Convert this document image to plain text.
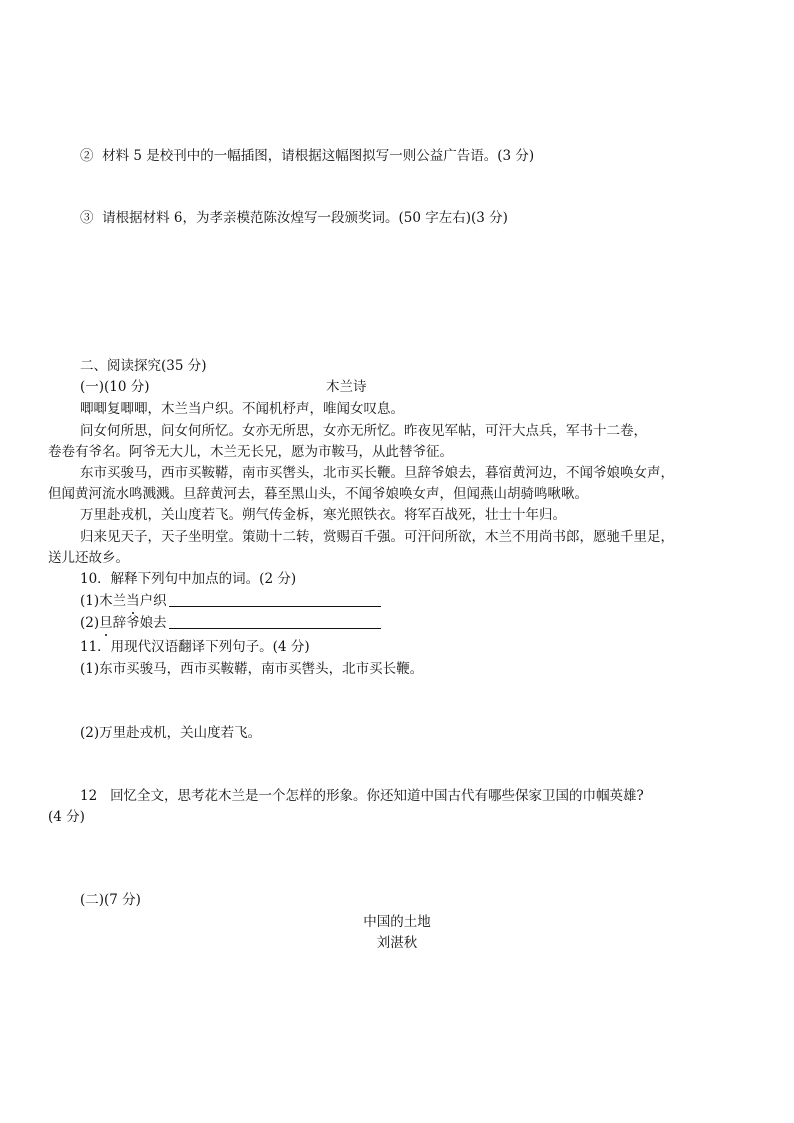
② 材料 5 是校刊中的一幅插图，请根据这幅图拟写一则公益广告语。(3 分)
③ 请根据材料 6，为孝亲模范陈汝煌写一段颁奖词。(50 字左右)(3 分)
二、阅读探究(35 分)
(一)(10 分)	木兰诗
唧唧复唧唧，木兰当户织。不闻机杼声，唯闻女叹息。
问女何所思，问女何所忆。女亦无所思，女亦无所忆。昨夜见军帖，可汗大点兵，军书十二卷，
卷卷有爷名。阿爷无大儿，木兰无长兄，愿为市鞍马，从此替爷征。
东市买骏马，西市买鞍鞯，南市买辔头，北市买长鞭。旦辞爷娘去，暮宿黄河边，不闻爷娘唤女声，
但闻黄河流水鸣溅溅。旦辞黄河去，暮至黑山头，不闻爷娘唤女声，但闻燕山胡骑鸣啾啾。
万里赴戎机，关山度若飞。朔气传金柝，寒光照铁衣。将军百战死，壮士十年归。
归来见天子，天子坐明堂。策勋十二转，赏赐百千强。可汗问所欲，木兰不用尚书郎，愿驰千里足，
送儿还故乡。
10．解释下列句中加点的词。(2 分)
(1)木兰当户织
(2)旦辞爷娘去
11．用现代汉语翻译下列句子。(4 分)
(1)东市买骏马，西市买鞍鞯，南市买辔头，北市买长鞭。
(2)万里赴戎机，关山度若飞。
12 回忆全文，思考花木兰是一个怎样的形象。你还知道中国古代有哪些保家卫国的巾帼英雄?
(4 分)
(二)(7 分)
中国的土地
刘湛秋
